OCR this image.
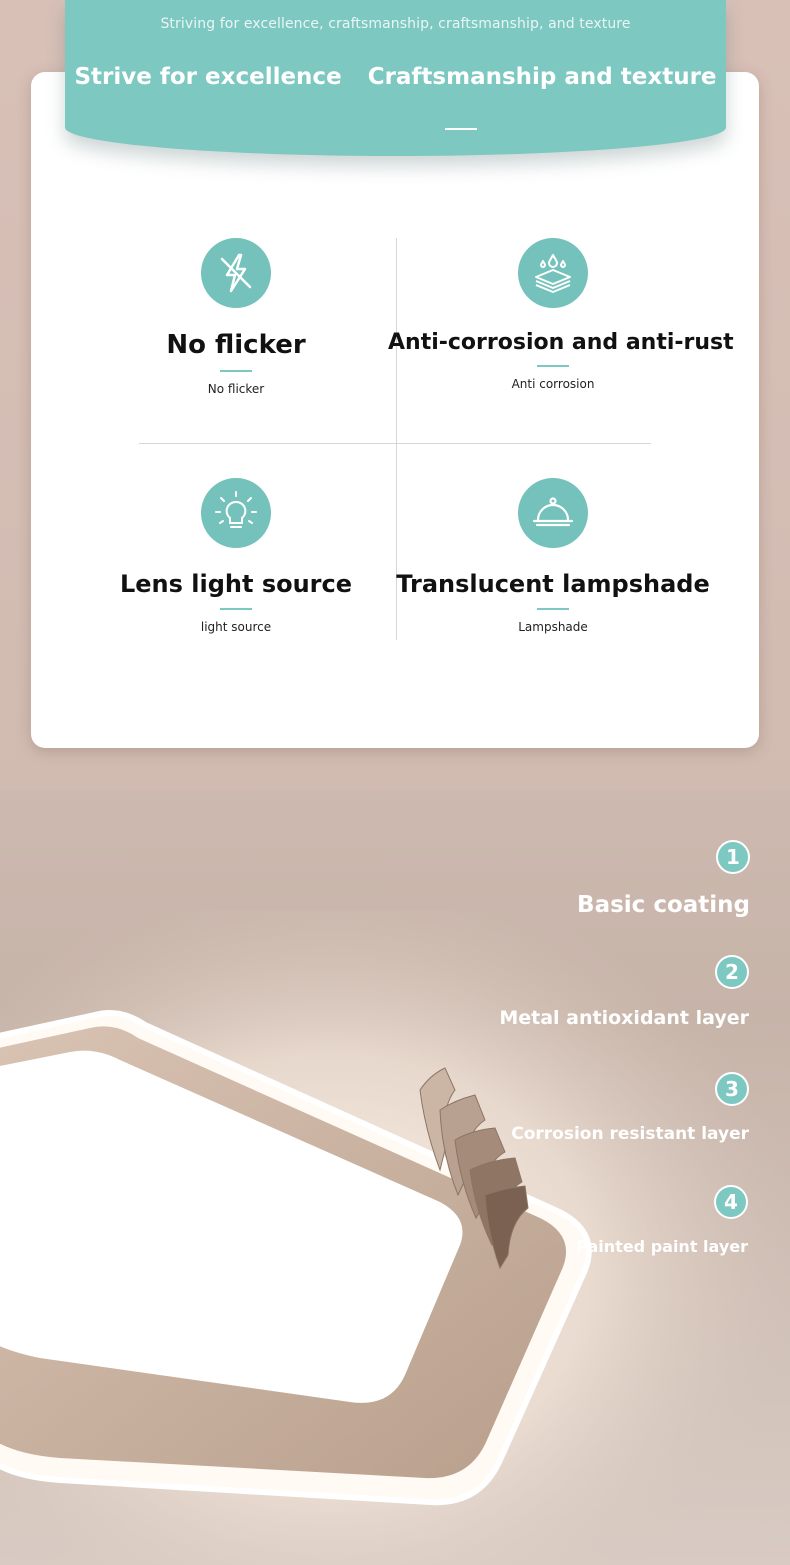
Striving for excellence, craftsmanship, craftsmanship, and texture
Strive for excellence Craftsmanship and texture
No flicker
No flicker
Anti-corrosion and anti-rust
Anti corrosion
Lens light source
light source
Translucent lampshade
Lampshade
1
Basic coating
2
Metal antioxidant layer
3
Corrosion resistant layer
4
Painted paint layer
